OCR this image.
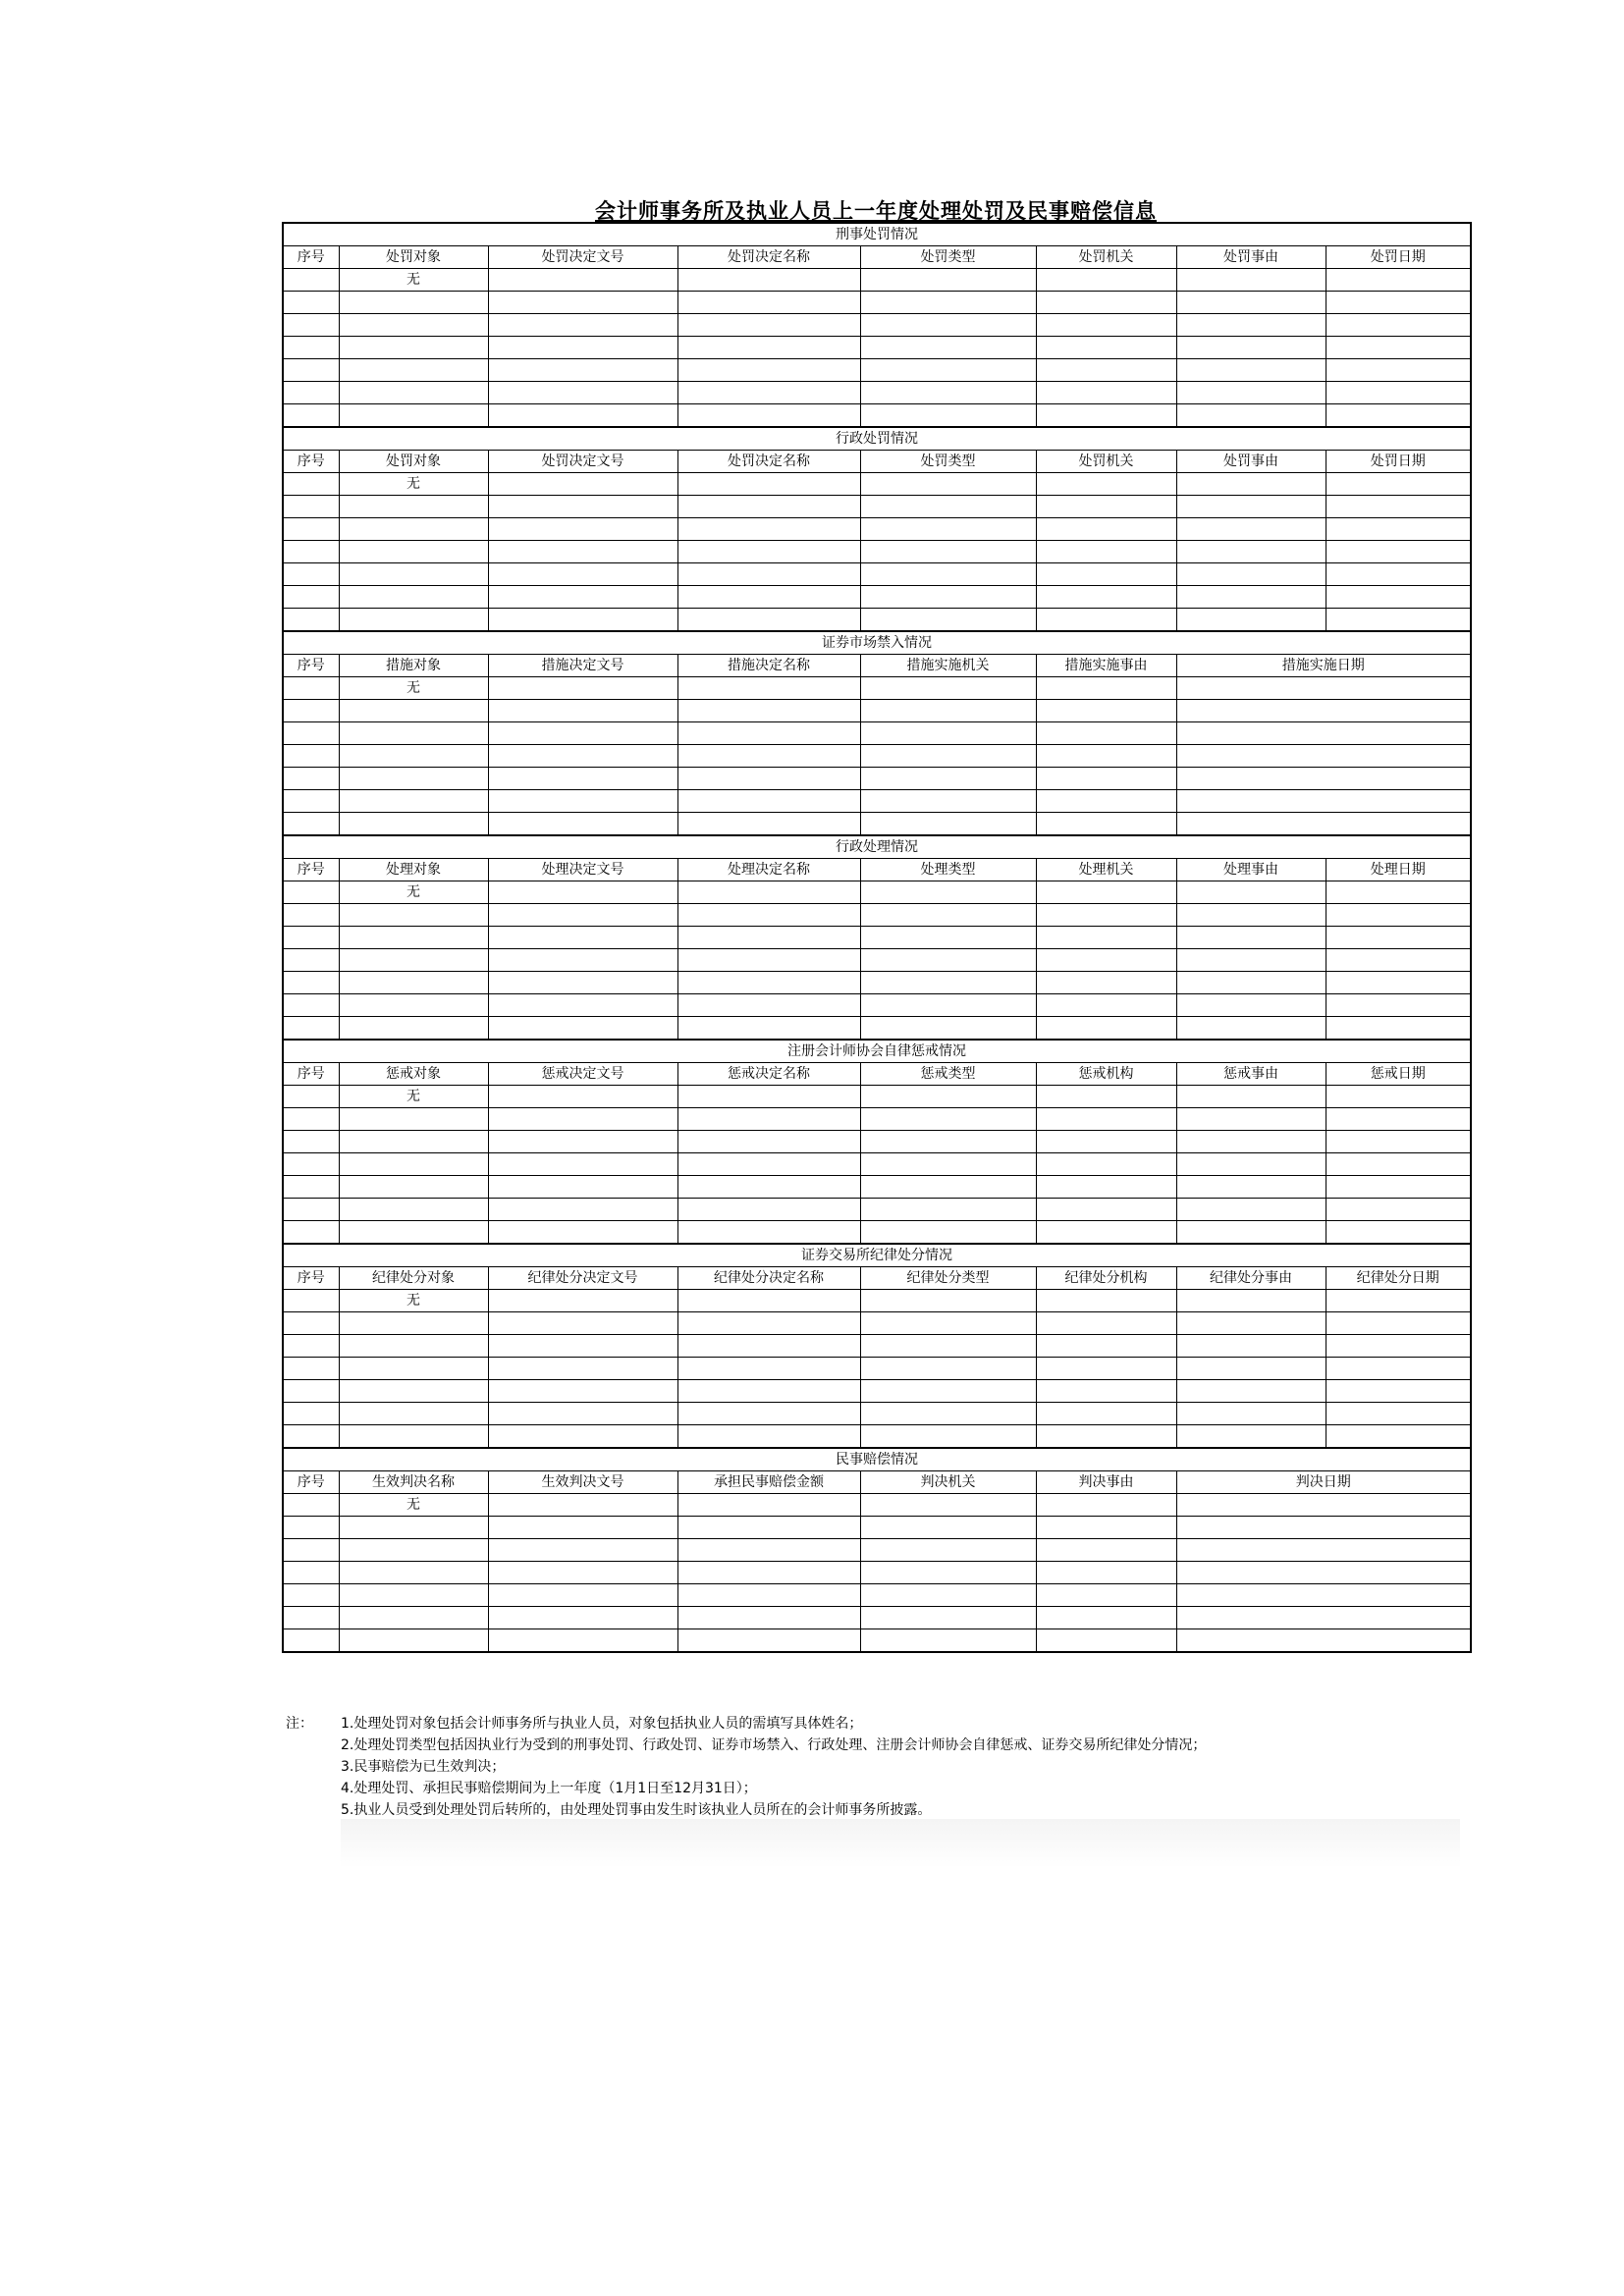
会计师事务所及执业人员上一年度处理处罚及民事赔偿信息
刑事处罚情况							
序号	处罚对象	处罚决定文号	处罚决定名称	处罚类型	处罚机关	处罚事由	处罚日期
	无						

行政处罚情况							
序号	处罚对象	处罚决定文号	处罚决定名称	处罚类型	处罚机关	处罚事由	处罚日期
	无						

证券市场禁入情况							
序号	措施对象	措施决定文号	措施决定名称	措施实施机关	措施实施事由	措施实施日期	
	无						

行政处理情况							
序号	处理对象	处理决定文号	处理决定名称	处理类型	处理机关	处理事由	处理日期
	无						

注册会计师协会自律惩戒情况							
序号	惩戒对象	惩戒决定文号	惩戒决定名称	惩戒类型	惩戒机构	惩戒事由	惩戒日期
	无						

证券交易所纪律处分情况							
序号	纪律处分对象	纪律处分决定文号	纪律处分决定名称	纪律处分类型	纪律处分机构	纪律处分事由	纪律处分日期
	无						

民事赔偿情况							
序号	生效判决名称	生效判决文号	承担民事赔偿金额	判决机关	判决事由	判决日期	
	无						

注： 1.处理处罚对象包括会计师事务所与执业人员，对象包括执业人员的需填写具体姓名；
2.处理处罚类型包括因执业行为受到的刑事处罚、行政处罚、证券市场禁入、行政处理、注册会计师协会自律惩戒、证券交易所纪律处分情况；
3.民事赔偿为已生效判决；
4.处理处罚、承担民事赔偿期间为上一年度（1月1日至12月31日）；
5.执业人员受到处理处罚后转所的，由处理处罚事由发生时该执业人员所在的会计师事务所披露。
